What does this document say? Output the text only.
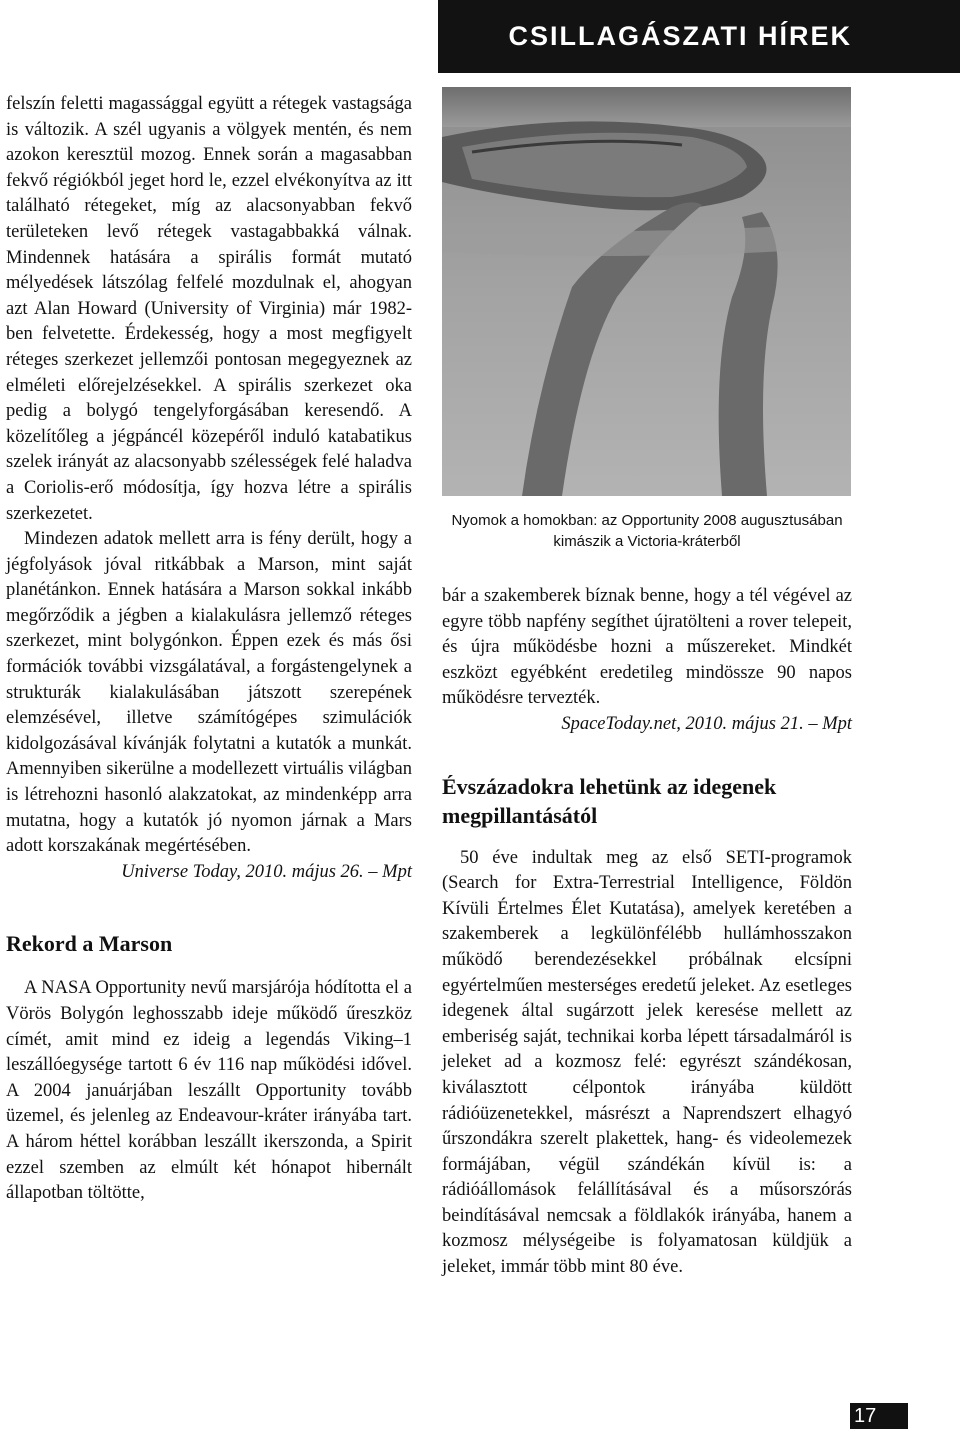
CSILLAGÁSZATI HÍREK

felszín feletti magassággal együtt a rétegek vastagsága is változik. A szél ugyanis a völgyek mentén, és nem azokon keresztül mozog. Ennek során a magasabban fekvő régiókból jeget hord le, ezzel elvékonyítva az itt található rétegeket, míg az alacsonyabban fekvő területeken levő rétegek vastagabbakká válnak. Mindennek hatására a spirális formát mutató mélyedések látszólag felfelé mozdulnak el, ahogyan azt Alan Howard (University of Virginia) már 1982-ben felvetette. Érdekesség, hogy a most megfigyelt réteges szerkezet jellemzői pontosan megegyeznek az elméleti előrejelzésekkel. A spirális szerkezet oka pedig a bolygó tengelyforgásában keresendő. A közelítőleg a jégpáncél közepéről induló katabatikus szelek irányát az alacsonyabb szélességek felé haladva a Coriolis-erő módosítja, így hozva létre a spirális szerkezetet.

Mindezen adatok mellett arra is fény derült, hogy a jégfolyások jóval ritkábbak a Marson, mint saját planétánkon. Ennek hatására a Marson sokkal inkább megőrződik a jégben a kialakulásra jellemző réteges szerkezet, mint bolygónkon. Éppen ezek és más ősi formációk további vizsgálatával, a forgástengelynek a strukturák kialakulásában játszott szerepének elemzésével, illetve számítógépes szimulációk kidolgozásával kívánják folytatni a kutatók a munkát. Amennyiben sikerülne a modellezett virtuális világban is létrehozni hasonló alakzatokat, az mindenképp arra mutatna, hogy a kutatók jó nyomon járnak a Mars adott korszakának megértésében.

Universe Today, 2010. május 26. – Mpt

Rekord a Marson

A NASA Opportunity nevű marsjárója hódította el a Vörös Bolygón leghosszabb ideje működő űreszköz címét, amit mind ez ideig a legendás Viking–1 leszállóegysége tartott 6 év 116 nap működési idővel. A 2004 januárjában leszállt Opportunity tovább üzemel, és jelenleg az Endeavour-kráter irányába tart. A három héttel korábban leszállt ikerszonda, a Spirit ezzel szemben az elmúlt két hónapot hibernált állapotban töltötte,

Nyomok a homokban: az Opportunity 2008 augusztusában
kimászik a Victoria-kráterből

bár a szakemberek bíznak benne, hogy a tél végével az egyre több napfény segíthet újratölteni a rover telepeit, és újra működésbe hozni a műszereket. Mindkét eszközt egyébként eredetileg mindössze 90 napos működésre tervezték.

SpaceToday.net, 2010. május 21. – Mpt

Évszázadokra lehetünk az idegenek megpillantásától

50 éve indultak meg az első SETI-programok (Search for Extra-Terrestrial Intelligence, Földön Kívüli Értelmes Élet Kutatása), amelyek keretében a szakemberek a legkülönfélébb hullámhosszakon működő berendezésekkel próbálnak elcsípni egyértelműen mesterséges eredetű jeleket. Az esetleges idegenek által sugárzott jelek keresése mellett az emberiség saját, technikai korba lépett társadalmáról is jeleket ad a kozmosz felé: egyrészt szándékosan, kiválasztott célpontok irányába küldött rádióüzenetekkel, másrészt a Naprendszert elhagyó űrszondákra szerelt plakettek, hang- és videolemezek formájában, végül szándékán kívül is: a rádióállomások felállításával és a műsorszórás beindításával nemcsak a földlakók irányába, hanem a kozmosz mélységeibe is folyamatosan küldjük a jeleket, immár több mint 80 éve.

17
